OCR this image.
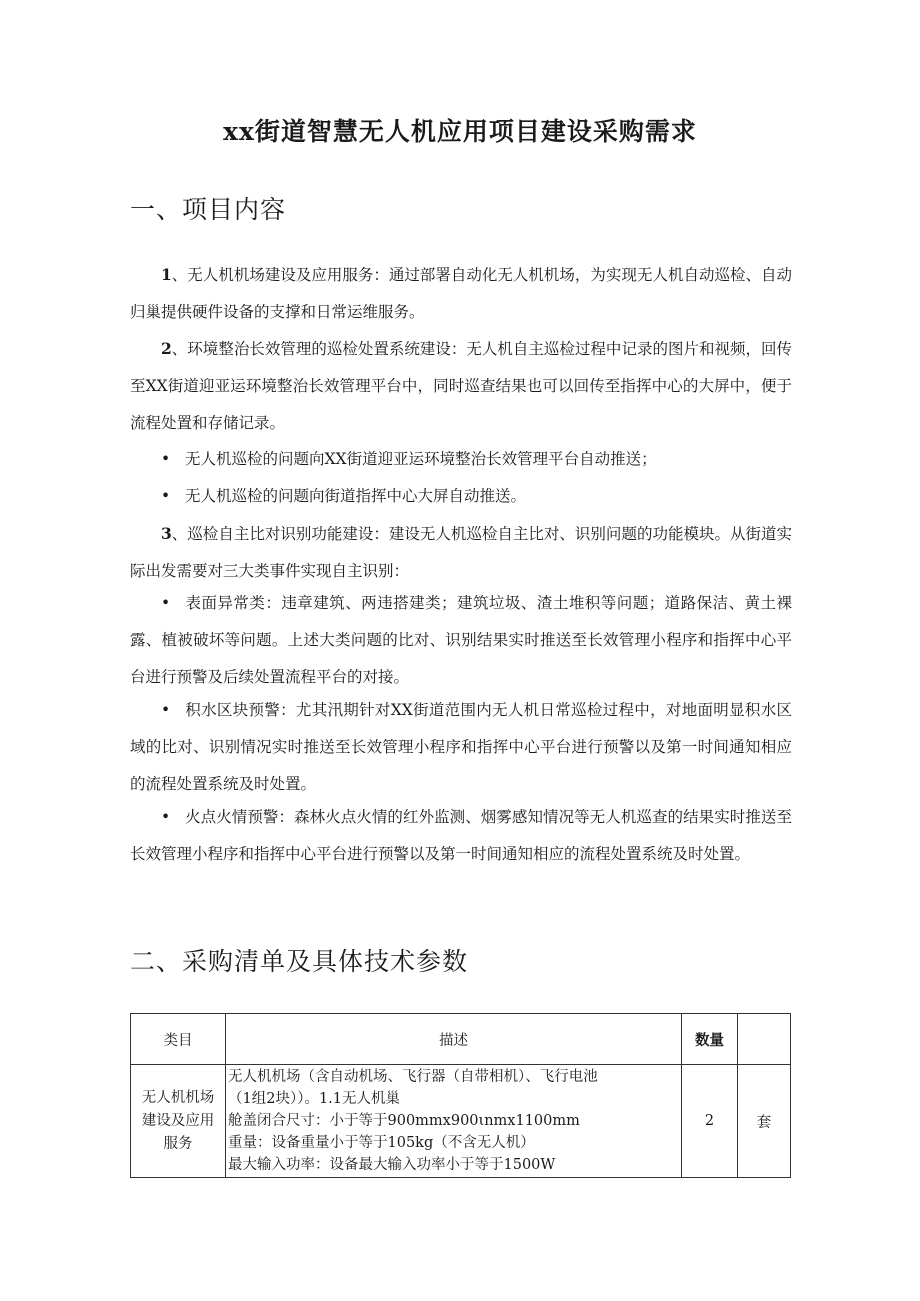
xx街道智慧无人机应用项目建设采购需求
一、项目内容

1、无人机机场建设及应用服务：通过部署自动化无人机机场，为实现无人机自动巡检、自动归巢提供硬件设备的支撑和日常运维服务。

2、环境整治长效管理的巡检处置系统建设：无人机自主巡检过程中记录的图片和视频，回传至XX街道迎亚运环境整治长效管理平台中，同时巡查结果也可以回传至指挥中心的大屏中，便于流程处置和存储记录。

• 无人机巡检的问题向XX街道迎亚运环境整治长效管理平台自动推送；

• 无人机巡检的问题向街道指挥中心大屏自动推送。

3、巡检自主比对识别功能建设：建设无人机巡检自主比对、识别问题的功能模块。从街道实际出发需要对三大类事件实现自主识别：

• 表面异常类：违章建筑、两违搭建类；建筑垃圾、渣土堆积等问题；道路保洁、黄土裸露、植被破坏等问题。上述大类问题的比对、识别结果实时推送至长效管理小程序和指挥中心平台进行预警及后续处置流程平台的对接。

• 积水区块预警：尤其汛期针对XX街道范围内无人机日常巡检过程中，对地面明显积水区域的比对、识别情况实时推送至长效管理小程序和指挥中心平台进行预警以及第一时间通知相应的流程处置系统及时处置。

• 火点火情预警：森林火点火情的红外监测、烟雾感知情况等无人机巡查的结果实时推送至长效管理小程序和指挥中心平台进行预警以及第一时间通知相应的流程处置系统及时处置。

二、采购清单及具体技术参数
类目	描述	数量	
无人机机场建设及应用服务	无人机机场（含自动机场、飞行器（自带相机）、飞行电池
（1组2块））。1.1无人机巢
舱盖闭合尺寸：小于等于900mmx900ιnmx1100mm
重量：设备重量小于等于105kg（不含无人机）
最大输入功率：设备最大输入功率小于等于1500W	2	套
